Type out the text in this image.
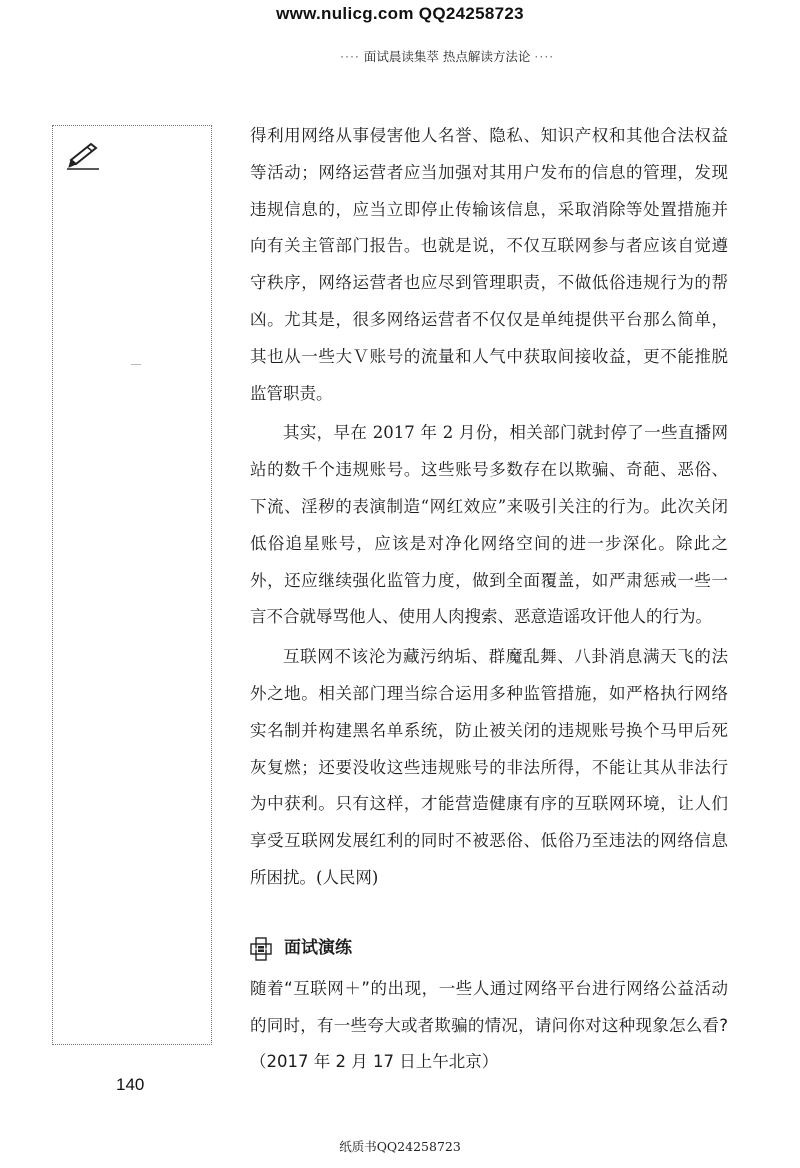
www.nulicg.com QQ24258723
···· 面试晨读集萃 热点解读方法论 ····

得利用网络从事侵害他人名誉、隐私、知识产权和其他合法权益等活动；网络运营者应当加强对其用户发布的信息的管理，发现违规信息的，应当立即停止传输该信息，采取消除等处置措施并向有关主管部门报告。也就是说，不仅互联网参与者应该自觉遵守秩序，网络运营者也应尽到管理职责，不做低俗违规行为的帮凶。尤其是，很多网络运营者不仅仅是单纯提供平台那么简单，其也从一些大Ｖ账号的流量和人气中获取间接收益，更不能推脱监管职责。

其实，早在 2017 年 2 月份，相关部门就封停了一些直播网站的数千个违规账号。这些账号多数存在以欺骗、奇葩、恶俗、下流、淫秽的表演制造“网红效应”来吸引关注的行为。此次关闭低俗追星账号，应该是对净化网络空间的进一步深化。除此之外，还应继续强化监管力度，做到全面覆盖，如严肃惩戒一些一言不合就辱骂他人、使用人肉搜索、恶意造谣攻讦他人的行为。

互联网不该沦为藏污纳垢、群魔乱舞、八卦消息满天飞的法外之地。相关部门理当综合运用多种监管措施，如严格执行网络实名制并构建黑名单系统，防止被关闭的违规账号换个马甲后死灰复燃；还要没收这些违规账号的非法所得，不能让其从非法行为中获利。只有这样，才能营造健康有序的互联网环境，让人们享受互联网发展红利的同时不被恶俗、低俗乃至违法的网络信息所困扰。(人民网)

面试演练

随着“互联网＋”的出现，一些人通过网络平台进行网络公益活动的同时，有一些夸大或者欺骗的情况，请问你对这种现象怎么看?（2017 年 2 月 17 日上午北京）

140
纸质书QQ24258723
